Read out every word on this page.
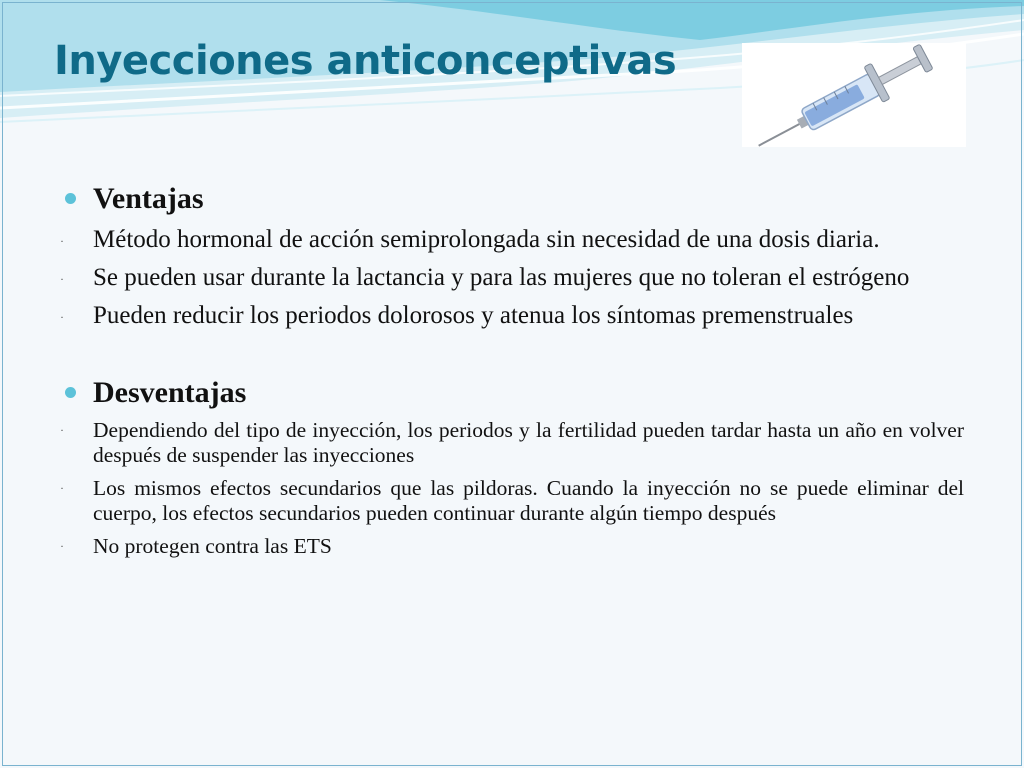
Inyecciones anticonceptivas
Ventajas
· Método hormonal de acción semiprolongada sin necesidad de una dosis diaria.
· Se pueden usar durante la lactancia y para las mujeres que no toleran el estrógeno
· Pueden reducir los periodos dolorosos y atenua los síntomas premenstruales
Desventajas
· Dependiendo del tipo de inyección, los periodos y la fertilidad pueden tardar hasta un año en volver después de suspender las inyecciones
· Los mismos efectos secundarios que las pildoras. Cuando la inyección no se puede eliminar del cuerpo, los efectos secundarios pueden continuar durante algún tiempo después
· No protegen contra las ETS
